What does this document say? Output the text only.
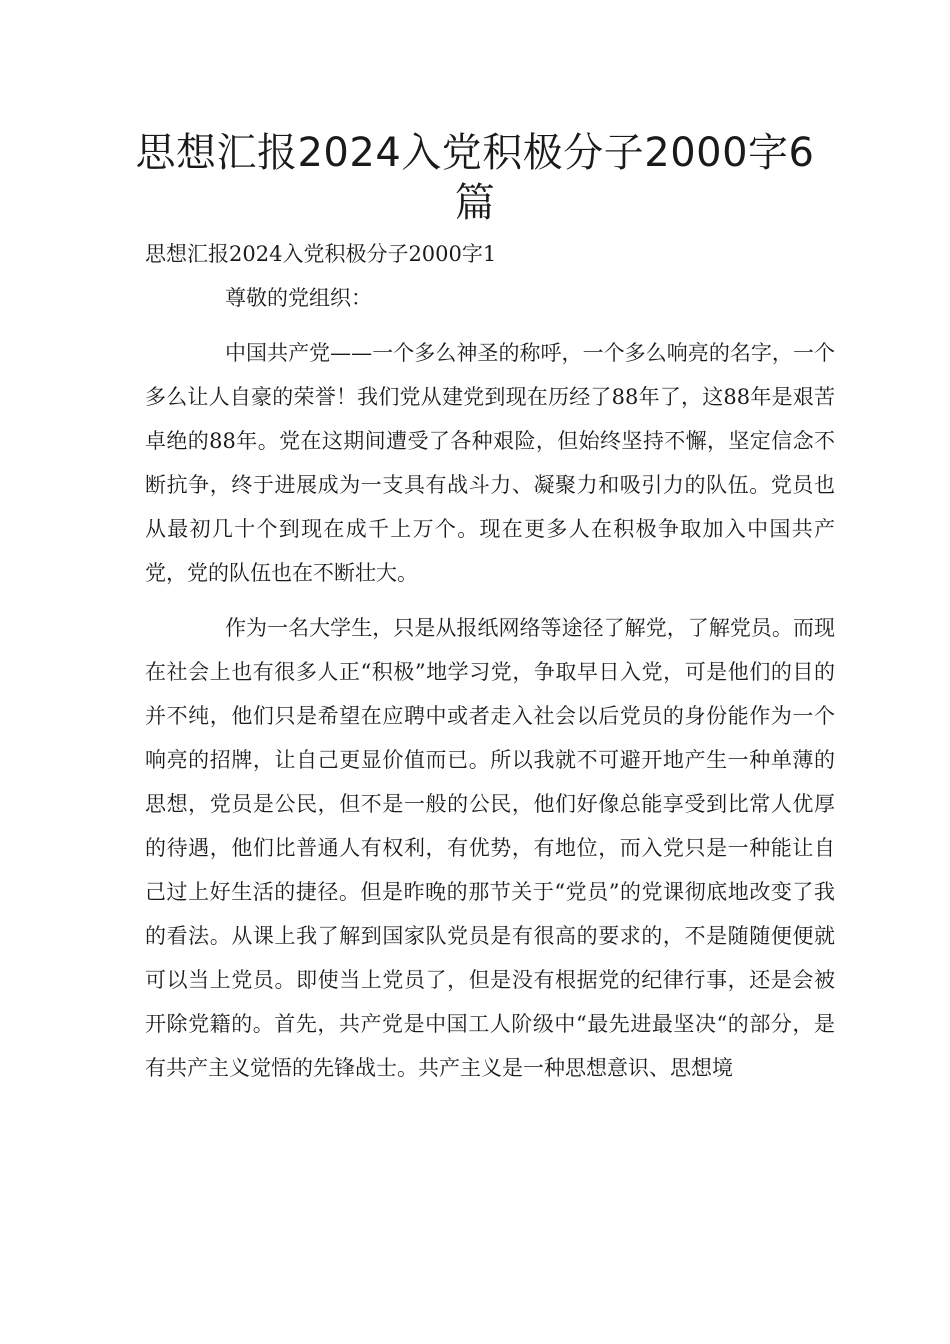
思想汇报2024入党积极分子2000字6篇

思想汇报2024入党积极分子2000字1

尊敬的党组织：

中国共产党——一个多么神圣的称呼，一个多么响亮的名字，一个多么让人自豪的荣誉！我们党从建党到现在历经了88年了，这88年是艰苦卓绝的88年。党在这期间遭受了各种艰险，但始终坚持不懈，坚定信念不断抗争，终于进展成为一支具有战斗力、凝聚力和吸引力的队伍。党员也从最初几十个到现在成千上万个。现在更多人在积极争取加入中国共产党，党的队伍也在不断壮大。

作为一名大学生，只是从报纸网络等途径了解党，了解党员。而现在社会上也有很多人正“积极”地学习党，争取早日入党，可是他们的目的并不纯，他们只是希望在应聘中或者走入社会以后党员的身份能作为一个响亮的招牌，让自己更显价值而已。所以我就不可避开地产生一种单薄的思想，党员是公民，但不是一般的公民，他们好像总能享受到比常人优厚的待遇，他们比普通人有权利，有优势，有地位，而入党只是一种能让自己过上好生活的捷径。但是昨晚的那节关于“党员”的党课彻底地改变了我的看法。从课上我了解到国家队党员是有很高的要求的，不是随随便便就可以当上党员。即使当上党员了，但是没有根据党的纪律行事，还是会被开除党籍的。首先，共产党是中国工人阶级中“最先进最坚决“的部分，是有共产主义觉悟的先锋战士。共产主义是一种思想意识、思想境
